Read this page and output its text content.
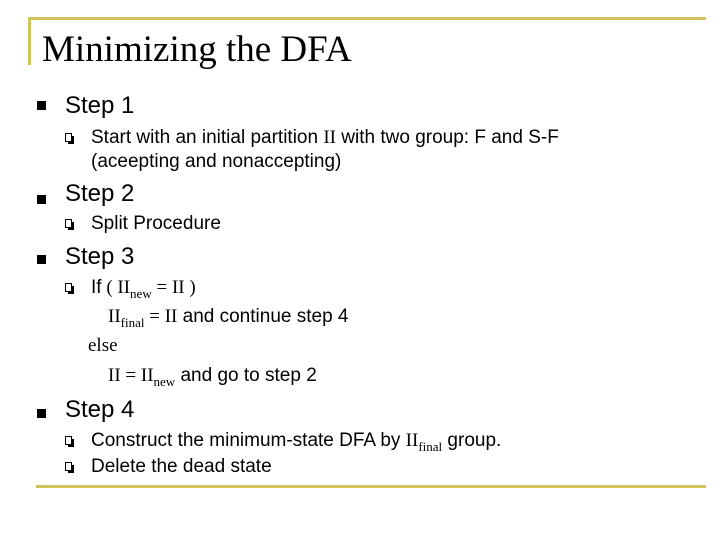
Minimizing the DFA
Step 1
Start with an initial partition II with two group: F and S-F
(aceepting and nonaccepting)
Step 2
Split Procedure
Step 3
If ( $II_{new}$ = II )
$II_{final}$ = II and continue step 4
else
II = $II_{new}$ and go to step 2
Step 4
Construct the minimum-state DFA by $II_{final}$ group.
Delete the dead state
